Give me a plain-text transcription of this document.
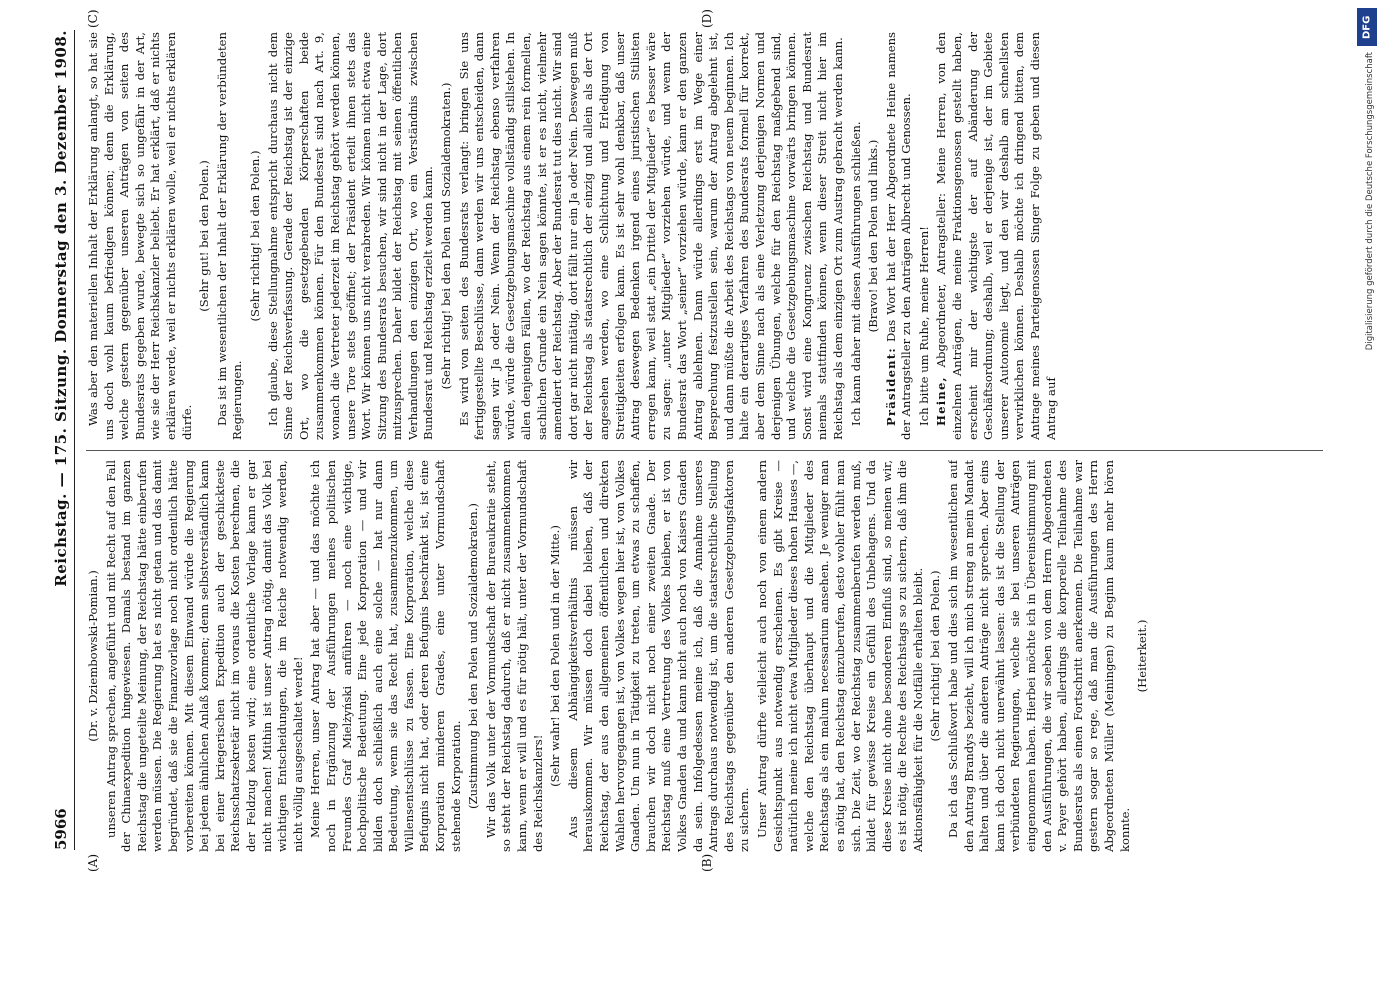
5966
Reichstag. — 175. Sitzung. Donnerstag den 3. Dezember 1908.
(A)	(B)
(C)	(D)

(Dr. v. Dziembowski-Pomian.) unseren Antrag sprechen, angeführt und mit Recht auf den Fall der Chinaexpedition hingewiesen. Damals bestand im ganzen Reichstag die ungeteilte Meinung, der Reichstag hätte einberufen werden müssen. Die Regierung hat es nicht getan und das damit begründet, daß sie die Finanzvorlage noch nicht ordentlich hätte vorbereiten können. Mit diesem Einwand würde die Regierung bei jedem ähnlichen Anlaß kommen; denn selbstverständlich kann bei einer kriegerischen Expedition auch der geschickteste Reichsschatzsekretär nicht im voraus die Kosten berechnen, die der Feldzug kosten wird; eine ordentliche Vorlage kann er gar nicht machen! Mithin ist unser Antrag nötig, damit das Volk bei wichtigen Entscheidungen, die im Reiche notwendig werden, nicht völlig ausgeschaltet werde! Meine Herren, unser Antrag hat aber — und das möchte ich noch in Ergänzung der Ausführungen meines politischen Freundes Graf Mielżyński anführen — noch eine wichtige, hochpolitische Bedeutung. Eine jede Korporation — und wir bilden doch schließlich auch eine solche — hat nur dann Bedeutung, wenn sie das Recht hat, zusammenzukommen, um Willensentschlüsse zu fassen. Eine Korporation, welche diese Befugnis nicht hat, oder deren Befugnis beschränkt ist, ist eine Korporation minderen Grades, eine unter Vormundschaft stehende Korporation. (Zustimmung bei den Polen und Sozialdemokraten.) Wir das Volk unter der Vormundschaft der Bureaukratie steht, so steht der Reichstag dadurch, daß er nicht zusammenkommen kann, wenn er will und es für nötig hält, unter der Vormundschaft des Reichskanzlers!

(Sehr wahr! bei den Polen und in der Mitte.) Aus diesem Abhängigkeitsverhältnis müssen wir herauskommen. Wir müssen doch dabei bleiben, daß der Reichstag, der aus den allgemeinen öffentlichen und direkten Wahlen hervorgegangen ist, von Volkes wegen hier ist, von Volkes Gnaden. Um nun in Tätigkeit zu treten, um etwas zu schaffen, brauchen wir doch nicht noch einer zweiten Gnade. Der Reichstag muß eine Vertretung des Volkes bleiben, er ist von Volkes Gnaden da und kann nicht auch noch von Kaisers Gnaden da sein. Infolgedessen meine ich, daß die Annahme unseres Antrags durchaus notwendig ist, um die staatsrechtliche Stellung des Reichstags gegenüber den anderen Gesetzgebungsfaktoren zu sichern. Unser Antrag dürfte vielleicht auch noch von einem andern Gesichtspunkt aus notwendig erscheinen. Es gibt Kreise — natürlich meine ich nicht etwa Mitglieder dieses hohen Hauses —, welche den Reichstag überhaupt und die Mitglieder des Reichstags als ein malum necessarium ansehen. Je weniger man es nötig hat, den Reichstag einzuberufen, desto wohler fühlt man sich. Die Zeit, wo der Reichstag zusammenberufen werden muß, bildet für gewisse Kreise ein Gefühl des Unbehagens. Und da diese Kreise nicht ohne besonderen Einfluß sind, so meinen wir, es ist nötig, die Rechte des Reichstags so zu sichern, daß ihm die Aktionsfähigkeit für die Notfälle erhalten bleibt. (Sehr richtig! bei den Polen.) Da ich das Schlußwort habe und dies sich im wesentlichen auf den Antrag Brandys bezieht, will ich mich streng an mein Mandat halten und über die anderen Anträge nicht sprechen. Aber eins kann ich doch nicht unerwähnt lassen: das ist die Stellung der verbündeten Regierungen, welche sie bei unseren Anträgen eingenommen haben. Hierbei möchte ich in Übereinstimmung mit den Ausführungen, die wir soeben von dem Herrn Abgeordneten v. Payer gehört haben, allerdings die korporelle Teilnahme des Bundesrats als einen Fortschritt anerkennen. Die Teilnahme war gestern sogar so rege, daß man die Ausführungen des Herrn Abgeordneten Müller (Meiningen) zu Beginn kaum mehr hören konnte.

(Heiterkeit.)

Was aber den materiellen Inhalt der Erklärung anlangt, so hat sie uns doch wohl kaum befriedigen können; denn die Erklärung, welche gestern gegenüber unseren Anträgen von seiten des Bundesrats gegeben wurde, bewegte sich so ungefähr in der Art, wie sie der Herr Reichskanzler beliebt. Er hat erklärt, daß er nichts erklären werde, weil er nichts erklären wolle, weil er nichts erklären dürfe.

(Sehr gut! bei den Polen.) Das ist im wesentlichen der Inhalt der Erklärung der verbündeten Regierungen.

(Sehr richtig! bei den Polen.) Ich glaube, diese Stellungnahme entspricht durchaus nicht dem Sinne der Reichsverfassung. Gerade der Reichstag ist der einzige Ort, wo die gesetzgebenden Körperschaften beide zusammenkommen können. Für den Bundesrat sind nach Art. 9, wonach die Vertreter jederzeit im Reichstag gehört werden können, unsere Tore stets geöffnet; der Präsident erteilt ihnen stets das Wort. Wir können uns nicht verabreden. Wir können nicht etwa eine Sitzung des Bundesrats besuchen, wir sind nicht in der Lage, dort mitzusprechen. Daher bildet der Reichstag mit seinen öffentlichen Verhandlungen den einzigen Ort, wo ein Verständnis zwischen Bundesrat und Reichstag erzielt werden kann. (Sehr richtig! bei den Polen und Sozialdemokraten.) Es wird von seiten des Bundesrats verlangt: bringen Sie uns fertiggestellte Beschlüsse, dann werden wir uns entscheiden, dann sagen wir Ja oder Nein. Wenn der Reichstag ebenso verfahren würde, würde die Gesetzgebungsmaschine vollständig stillstehen. In allen denjenigen Fällen, wo der Reichstag aus einem rein formellen, sachlichen Grunde ein Nein sagen könnte, ist er es nicht, vielmehr amendiert der Reichstag. Aber der Bundesrat tut dies nicht. Wir sind dort gar nicht mitätig, dort fällt nur ein Ja oder Nein. Deswegen muß der Reichstag als staatsrechtlich der einzig und allein als der Ort angesehen werden, wo eine Schlichtung und Erledigung von Streitigkeiten erfolgen kann. Es ist sehr wohl denkbar, daß unser Antrag deswegen Bedenken irgend eines juristischen Stilisten erregen kann, weil statt „ein Drittel der Mitglieder“ es besser wäre zu sagen: „unter Mitglieder“ vorziehen würde, und wenn der Bundesrat das Wort „seiner“ vorziehen würde, kann er den ganzen Antrag ablehnen. Dann würde allerdings erst im Wege einer Besprechung festzustellen sein, warum der Antrag abgelehnt ist, und dann müßte die Arbeit des Reichstags von neuem beginnen. Ich halte ein derartiges Verfahren des Bundesrats formell für korrekt, aber dem Sinne nach als eine Verletzung derjenigen Normen und derjenigen Übungen, welche für den Reichstag maßgebend sind, und welche die Gesetzgebungsmaschine vorwärts bringen können. Sonst wird eine Kongruenz zwischen Reichstag und Bundesrat niemals stattfinden können, wenn dieser Streit nicht hier im Reichstag als dem einzigen Ort zum Austrag gebracht werden kann. Ich kann daher mit diesen Ausführungen schließen. (Bravo! bei den Polen und links.)

Präsident: Das Wort hat der Herr Abgeordnete Heine namens der Antragsteller zu den Anträgen Albrecht und Genossen. Ich bitte um Ruhe, meine Herren! Heine, Abgeordneter, Antragsteller: Meine Herren, von den einzelnen Anträgen, die meine Fraktionsgenossen gestellt haben, erscheint mir der wichtigste der auf Abänderung der Geschäftsordnung; deshalb, weil er derjenige ist, der im Gebiete unserer Autonomie liegt, und den wir deshalb am schnellsten verwirklichen können. Deshalb möchte ich dringend bitten, dem Antrage meines Parteigenossen Singer Folge zu geben und diesen Antrag auf

DFG
Digitalisierung gefördert durch die Deutsche Forschungsgemeinschaft
